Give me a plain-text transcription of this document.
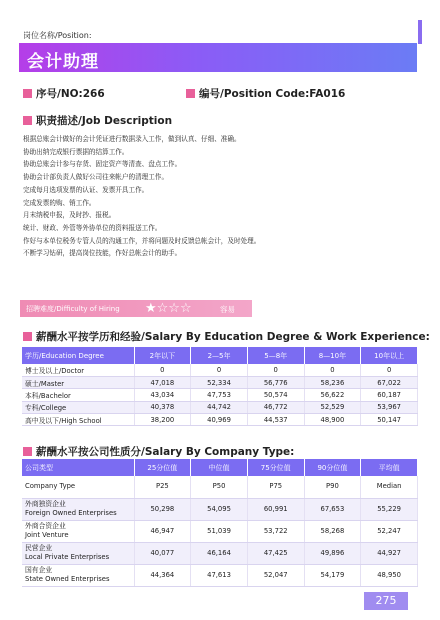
岗位名称/Position:
会计助理
序号/NO:266	编号/Position Code:FA016
职责描述/Job Description
根据总账会计做好的会计凭证进行数据录入工作，做到认真、仔细、准确。
协助出纳完成银行票据的结算工作。
协助总账会计参与存货、固定资产等清查、盘点工作。
协助会计部负责人做好公司往来帐户的清理工作。
完成每月选项发票的认证、发票开具工作。
完成发票的购、销工作。
月末纳税申报，及时抄、报税。
统计、财政、外管等外协单位的资料报送工作。
作好与本单位税务专管人员的沟通工作，并将问题及时反馈总帐会计，及时处理。
不断学习钻研，提高岗位技能，作好总帐会计的助手。
招聘难度/Difficulty of Hiring ★☆☆☆	容易
薪酬水平按学历和经验/Salary By Education Degree & Work Experience:
学历/Education Degree	2年以下	2—5年	5—8年	8—10年	10年以上
博士及以上/Doctor	0	0	0	0	0
硕士/Master	47,018	52,334	56,776	58,236	67,022
本科/Bachelor	43,034	47,753	50,574	56,622	60,187
专科/College	40,378	44,742	46,772	52,529	53,967
高中及以下/High School	38,200	40,969	44,537	48,900	50,147
薪酬水平按公司性质分/Salary By Company Type:
公司类型	25分位值	中位值	75分位值	90分位值	平均值

Company Type	P25	P50	P75	P90	Median

外商独资企业
Foreign Owned Enterprises	50,298	54,095	60,991	67,653	55,229

外商合资企业
Joint Venture	46,947	51,039	53,722	58,268	52,247

民营企业
Local Private Enterprises	40,077	46,164	47,425	49,896	44,927

国有企业
State Owned Enterprises	44,364	47,613	52,047	54,179	48,950
275
